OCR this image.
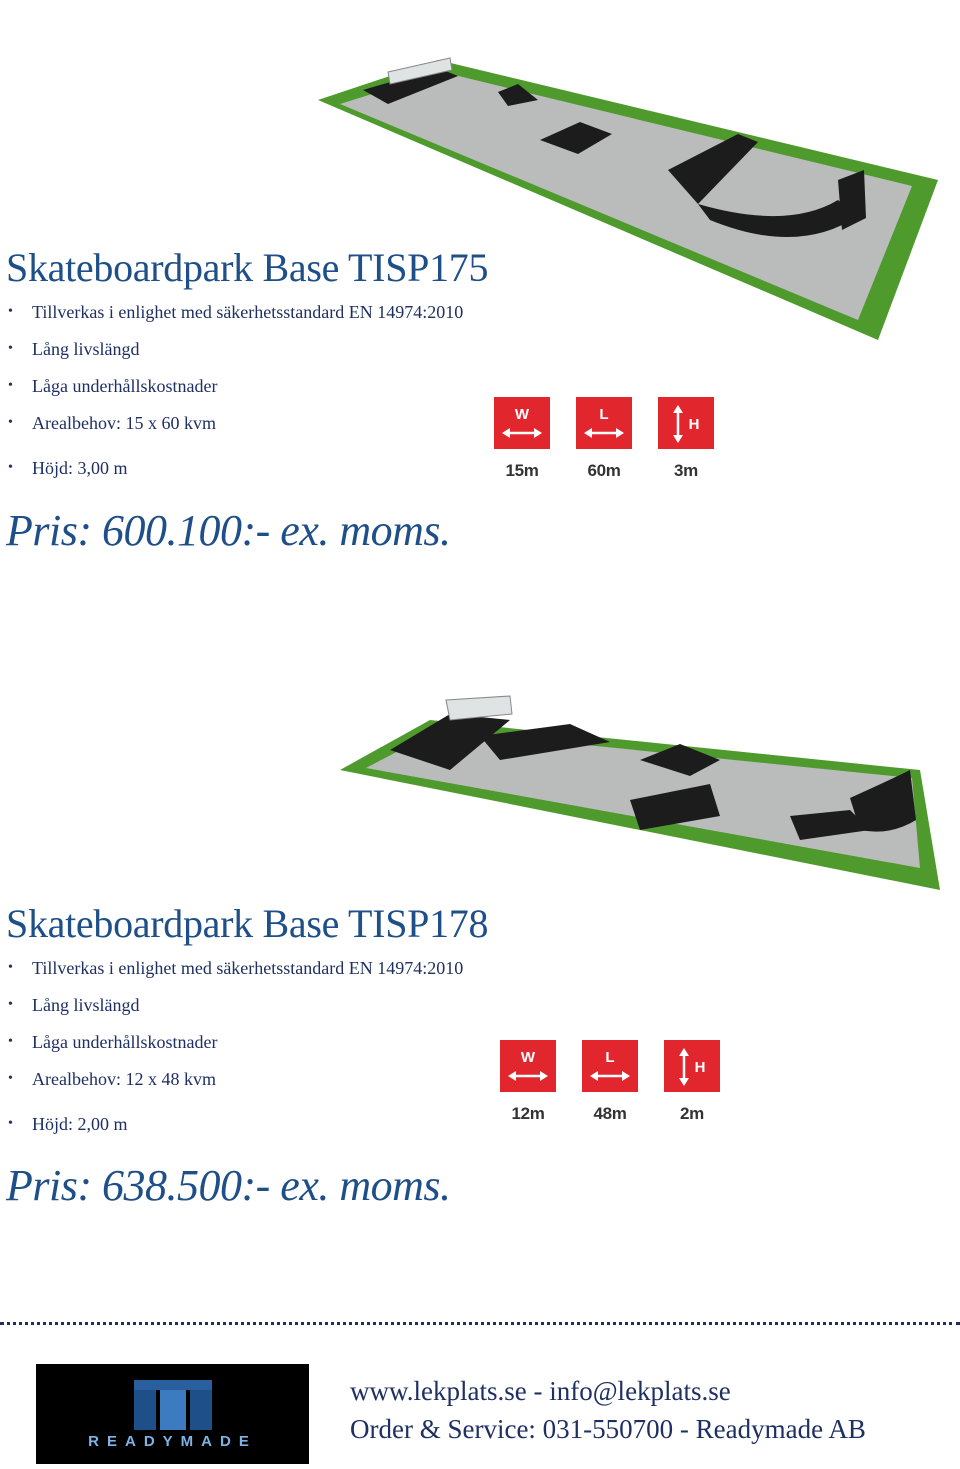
Skateboardpark Base TISP175
• Tillverkas i enlighet med säkerhetsstandard EN 14974:2010
• Lång livslängd
• Låga underhållskostnader
• Arealbehov: 15 x 60 kvm
• Höjd: 3,00 m
W
15m
L
60m
H
3m
Pris: 600.100:- ex. moms.
Skateboardpark Base TISP178
• Tillverkas i enlighet med säkerhetsstandard EN 14974:2010
• Lång livslängd
• Låga underhållskostnader
• Arealbehov: 12 x 48 kvm
• Höjd: 2,00 m
W
12m
L
48m
H
2m
Pris: 638.500:- ex. moms.
READYMADE
www.lekplats.se - info@lekplats.se
Order & Service: 031-550700 - Readymade AB
